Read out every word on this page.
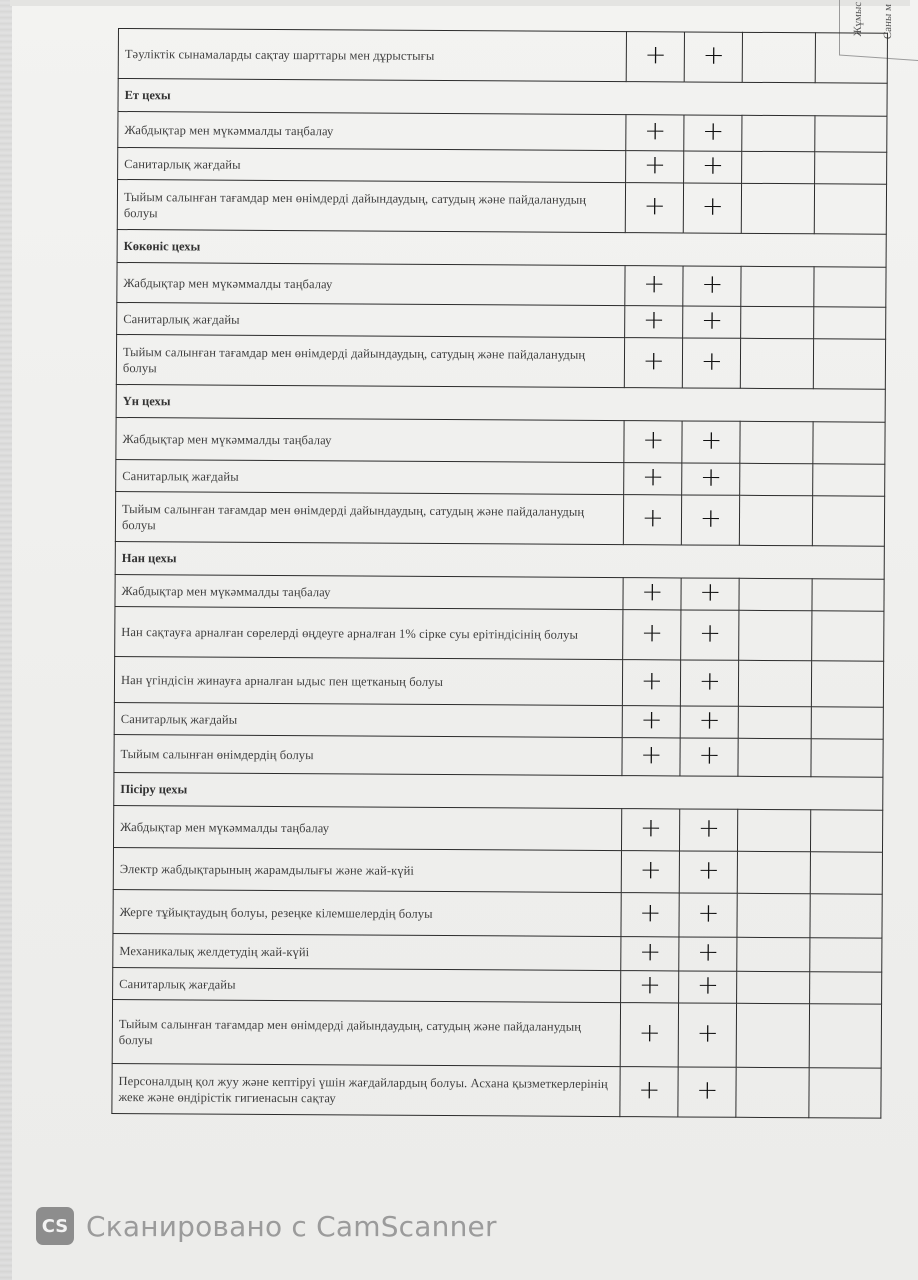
Жұмыс Саны м
Тәуліктік сынамаларды сақтау шарттары мен дұрыстығы	+	+		
Ет цехы				
Жабдықтар мен мүкәммалды таңбалау	+	+		
Санитарлық жағдайы	+	+		
Тыйым салынған тағамдар мен өнімдерді дайындаудың, сатудың және пайдаланудың болуы	+	+		
Көкөніс цехы				
Жабдықтар мен мүкәммалды таңбалау	+	+		
Санитарлық жағдайы	+	+		
Тыйым салынған тағамдар мен өнімдерді дайындаудың, сатудың және пайдаланудың болуы	+	+		
Үн цехы				
Жабдықтар мен мүкәммалды таңбалау	+	+		
Санитарлық жағдайы	+	+		
Тыйым салынған тағамдар мен өнімдерді дайындаудың, сатудың және пайдаланудың болуы	+	+		
Нан цехы				
Жабдықтар мен мүкәммалды таңбалау	+	+		
Нан сақтауға арналған сөрелерді өңдеуге арналған 1% сірке суы ерітіндісінің болуы	+	+		
Нан үгіндісін жинауға арналған ыдыс пен щетканың болуы	+	+		
Санитарлық жағдайы	+	+		
Тыйым салынған өнімдердің болуы	+	+		
Пісіру цехы				
Жабдықтар мен мүкәммалды таңбалау	+	+		
Электр жабдықтарының жарамдылығы және жай-күйі	+	+		
Жерге тұйықтаудың болуы, резеңке кілемшелердің болуы	+	+		
Механикалық желдетудің жай-күйі	+	+		
Санитарлық жағдайы	+	+		
Тыйым салынған тағамдар мен өнімдерді дайындаудың, сатудың және пайдаланудың болуы	+	+		
Персоналдың қол жуу және кептіруі үшін жағдайлардың болуы. Асхана қызметкерлерінің жеке және өндірістік гигиенасын сақтау	+	+		
CS Сканировано с CamScanner
